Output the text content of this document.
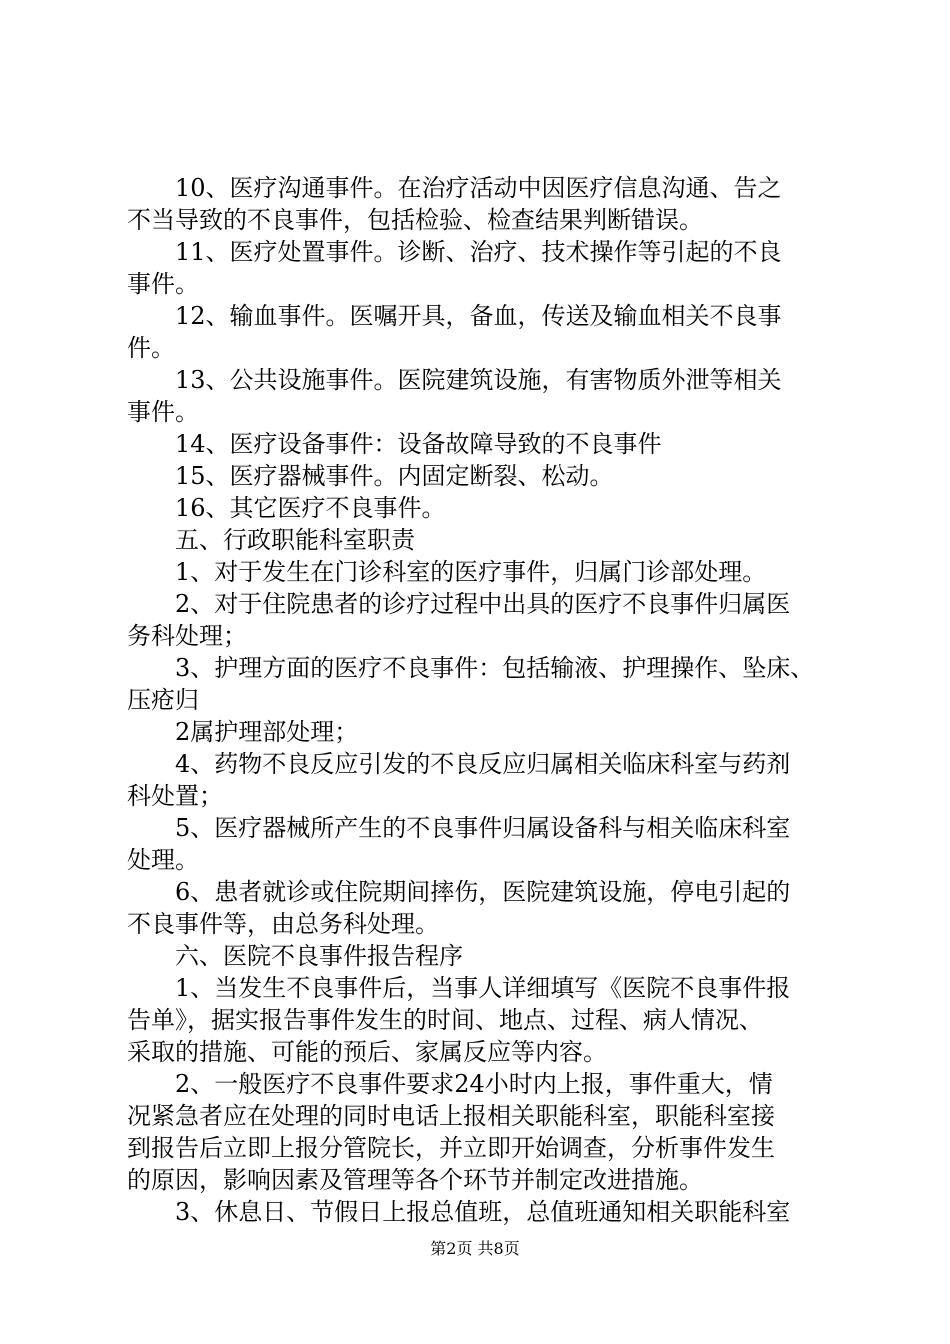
10、医疗沟通事件。在治疗活动中因医疗信息沟通、告之
不当导致的不良事件，包括检验、检查结果判断错误。
11、医疗处置事件。诊断、治疗、技术操作等引起的不良
事件。
12、输血事件。医嘱开具，备血，传送及输血相关不良事
件。
13、公共设施事件。医院建筑设施，有害物质外泄等相关
事件。
14、医疗设备事件：设备故障导致的不良事件
15、医疗器械事件。内固定断裂、松动。
16、其它医疗不良事件。
五、行政职能科室职责
1、对于发生在门诊科室的医疗事件，归属门诊部处理。
2、对于住院患者的诊疗过程中出具的医疗不良事件归属医
务科处理；
3、护理方面的医疗不良事件：包括输液、护理操作、坠床、
压疮归
2属护理部处理；
4、药物不良反应引发的不良反应归属相关临床科室与药剂
科处置；
5、医疗器械所产生的不良事件归属设备科与相关临床科室
处理。
6、患者就诊或住院期间摔伤，医院建筑设施，停电引起的
不良事件等，由总务科处理。
六、医院不良事件报告程序
1、当发生不良事件后，当事人详细填写《医院不良事件报
告单》，据实报告事件发生的时间、地点、过程、病人情况、
采取的措施、可能的预后、家属反应等内容。
2、一般医疗不良事件要求24小时内上报，事件重大，情
况紧急者应在处理的同时电话上报相关职能科室，职能科室接
到报告后立即上报分管院长，并立即开始调查，分析事件发生
的原因，影响因素及管理等各个环节并制定改进措施。
3、休息日、节假日上报总值班，总值班通知相关职能科室
第2页 共8页
